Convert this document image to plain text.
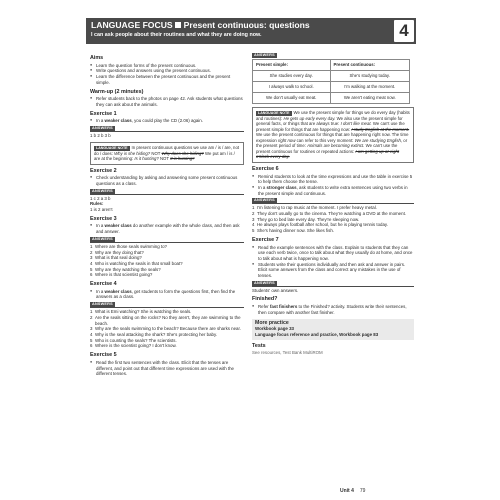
LANGUAGE FOCUS Present continuous: questions
I can ask people about their routines and what they are doing now.	4
Aims
● Learn the question forms of the present continuous.
● Write questions and answers using the present continuous.
● Learn the difference between the present continuous and the present simple.
Warm-up (2 minutes)
● Refer students back to the photos on page 42. Ask students what questions they can ask about the animals.
Exercise 1
● In a weaker class, you could play the CD (2.06) again.
ANSWERS
1 b 2 b 3 b
LANGUAGE NOTE In present continuous questions we use am / is / are, not do / does: Why is she hiding? NOT Why does she hiding? We put am / is / are at the beginning: Is it hunting? NOT It is hunting?
Exercise 2
● Check understanding by asking and answering some present continuous questions as a class.
ANSWERS
1 c 2 a 3 b
Rules:
1 is 2 aren't
Exercise 3
● In a weaker class do another example with the whole class, and then ask and answer.
ANSWERS
1 Where are those seals swimming to?
2 Why are they doing that?
3 What is that seal doing?
4 Who is watching the seals in that small boat?
5 Why are they watching the seals?
6 Where is that scientist going?
Exercise 4
● In a weaker class, get students to form the questions first, then find the answers as a class.
ANSWERS
1 What is Emi watching? She is watching the seals.
2 Are the seals sitting on the rocks? No they aren't, they are swimming to the beach.
3 Why are the seals swimming to the beach? Because there are sharks near.
4 Why is the seal attacking the shark? She's protecting her baby.
5 Who is counting the seals? The scientists.
6 Where is the scientist going? I don't know.
Exercise 5
● Read the first two sentences with the class. Elicit that the tenses are different, and point out that different time expressions are used with the different tenses.
ANSWERS
Present simple:	Present continuous:
She studies every day.	She's studying today.
I always walk to school.	I'm walking at the moment.
We don't usually eat meat.	We aren't eating meat now.
LANGUAGE NOTE We use the present simple for things we do every day (habits and routines): He gets up early every day. We also use the present simple for general facts, or things that are always true: I don't like meat. We can't use the present simple for things that are happening now: I study English at the moment. We use the present continuous for things that are happening right now. The time expression right now can refer to this very moment: We are studying English, or the present period of time: Animals are becoming extinct. We can't use the present continuous for routines or repeated actions: I am getting up at eight o'clock every day.
Exercise 6
● Remind students to look at the time expressions and use the table in exercise 5 to help them choose the tense.
● In a stronger class, ask students to write extra sentences using two verbs in the present simple and continuous.
ANSWERS
1 I'm listening to rap music at the moment. I prefer heavy metal.
2 They don't usually go to the cinema. They're watching a DVD at the moment.
3 They go to bed late every day. They're sleeping now.
4 He always plays football after school, but he is playing tennis today.
5 She's having dinner now. She likes fish.
Exercise 7
● Read the example sentences with the class. Explain to students that they can use each verb twice, once to talk about what they usually do at home, and once to talk about what is happening now.
● Students write their questions individually and then ask and answer in pairs. Elicit some answers from the class and correct any mistakes in the use of tenses.
ANSWERS
Students' own answers.
Finished?
● Refer fast finishers to the Finished? activity. Students write their sentences, then compare with another fast finisher.
More practice
Workbook page 33
Language focus reference and practice, Workbook page 83
Tests
See resources, Test Bank MultiROM
Unit 4 79
